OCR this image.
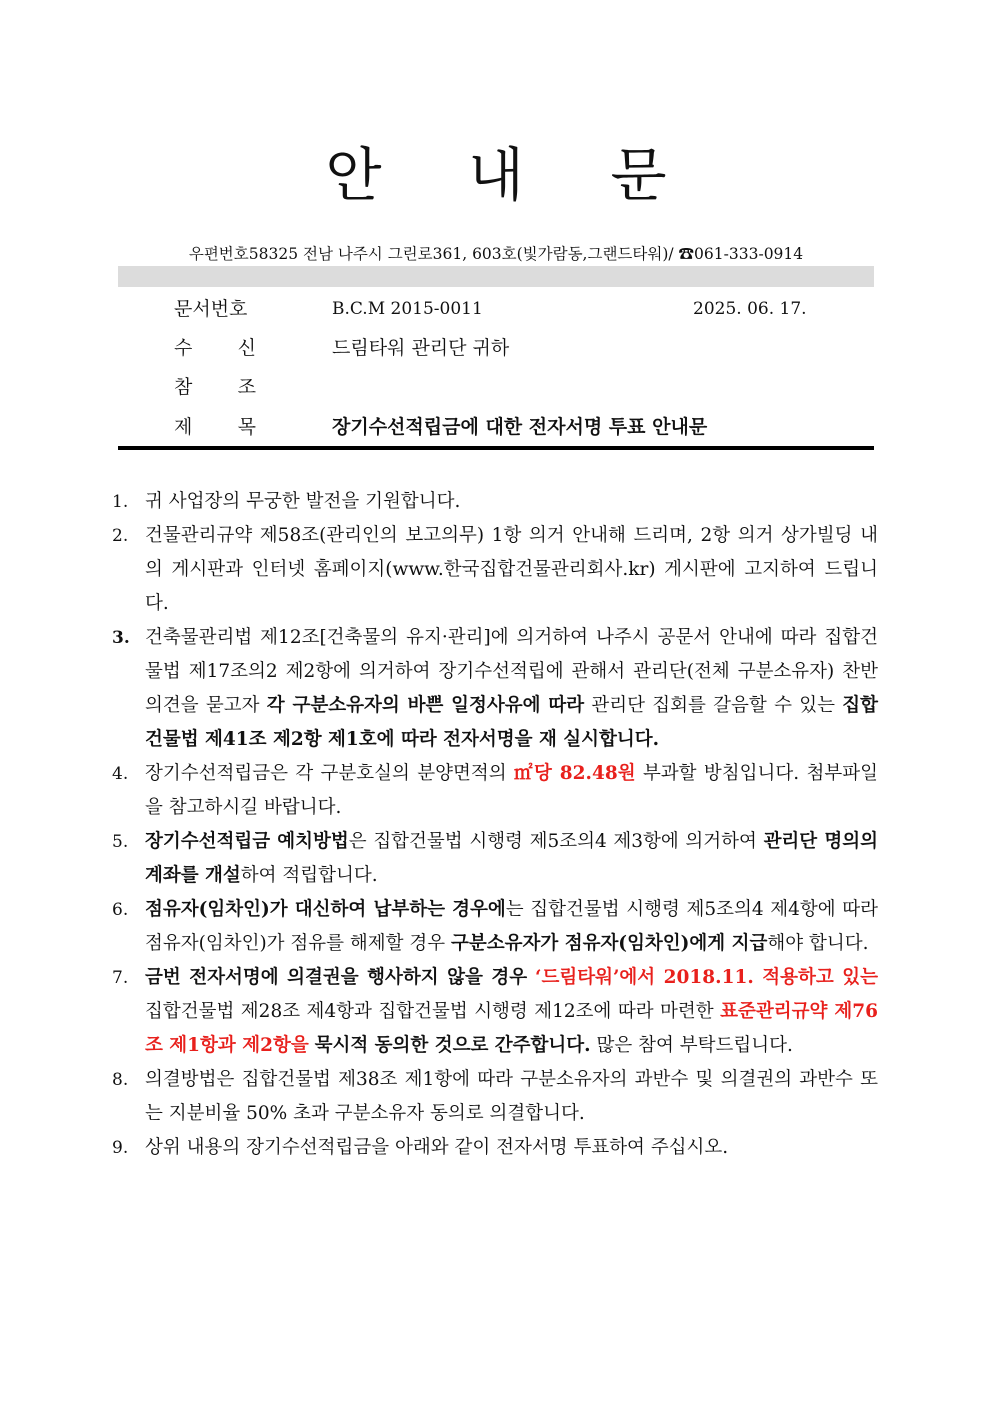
안 내 문
우편번호58325 전남 나주시 그린로361, 603호(빛가람동,그랜드타워)/ ☎061-333-0914
문서번호	B.C.M 2015-0011	2025. 06. 17.
수 신	드림타워 관리단 귀하
참 조
제 목	장기수선적립금에 대한 전자서명 투표 안내문
1. 귀 사업장의 무궁한 발전을 기원합니다.
2. 건물관리규약 제58조(관리인의 보고의무) 1항 의거 안내해 드리며, 2항 의거 상가빌딩 내의 게시판과 인터넷 홈페이지(www.한국집합건물관리회사.kr) 게시판에 고지하여 드립니다.
3. 건축물관리법 제12조[건축물의 유지·관리]에 의거하여 나주시 공문서 안내에 따라 집합건물법 제17조의2 제2항에 의거하여 장기수선적립에 관해서 관리단(전체 구분소유자) 찬반 의견을 묻고자 각 구분소유자의 바쁜 일정사유에 따라 관리단 집회를 갈음할 수 있는 집합건물법 제41조 제2항 제1호에 따라 전자서명을 재 실시합니다.
4. 장기수선적립금은 각 구분호실의 분양면적의 ㎡당 82.48원 부과할 방침입니다. 첨부파일을 참고하시길 바랍니다.
5. 장기수선적립금 예치방법은 집합건물법 시행령 제5조의4 제3항에 의거하여 관리단 명의의 계좌를 개설하여 적립합니다.
6. 점유자(임차인)가 대신하여 납부하는 경우에는 집합건물법 시행령 제5조의4 제4항에 따라 점유자(임차인)가 점유를 해제할 경우 구분소유자가 점유자(임차인)에게 지급해야 합니다.
7. 금번 전자서명에 의결권을 행사하지 않을 경우 ‘드림타워’에서 2018.11. 적용하고 있는 집합건물법 제28조 제4항과 집합건물법 시행령 제12조에 따라 마련한 표준관리규약 제76조 제1항과 제2항을 묵시적 동의한 것으로 간주합니다. 많은 참여 부탁드립니다.
8. 의결방법은 집합건물법 제38조 제1항에 따라 구분소유자의 과반수 및 의결권의 과반수 또는 지분비율 50% 초과 구분소유자 동의로 의결합니다.
9. 상위 내용의 장기수선적립금을 아래와 같이 전자서명 투표하여 주십시오.
